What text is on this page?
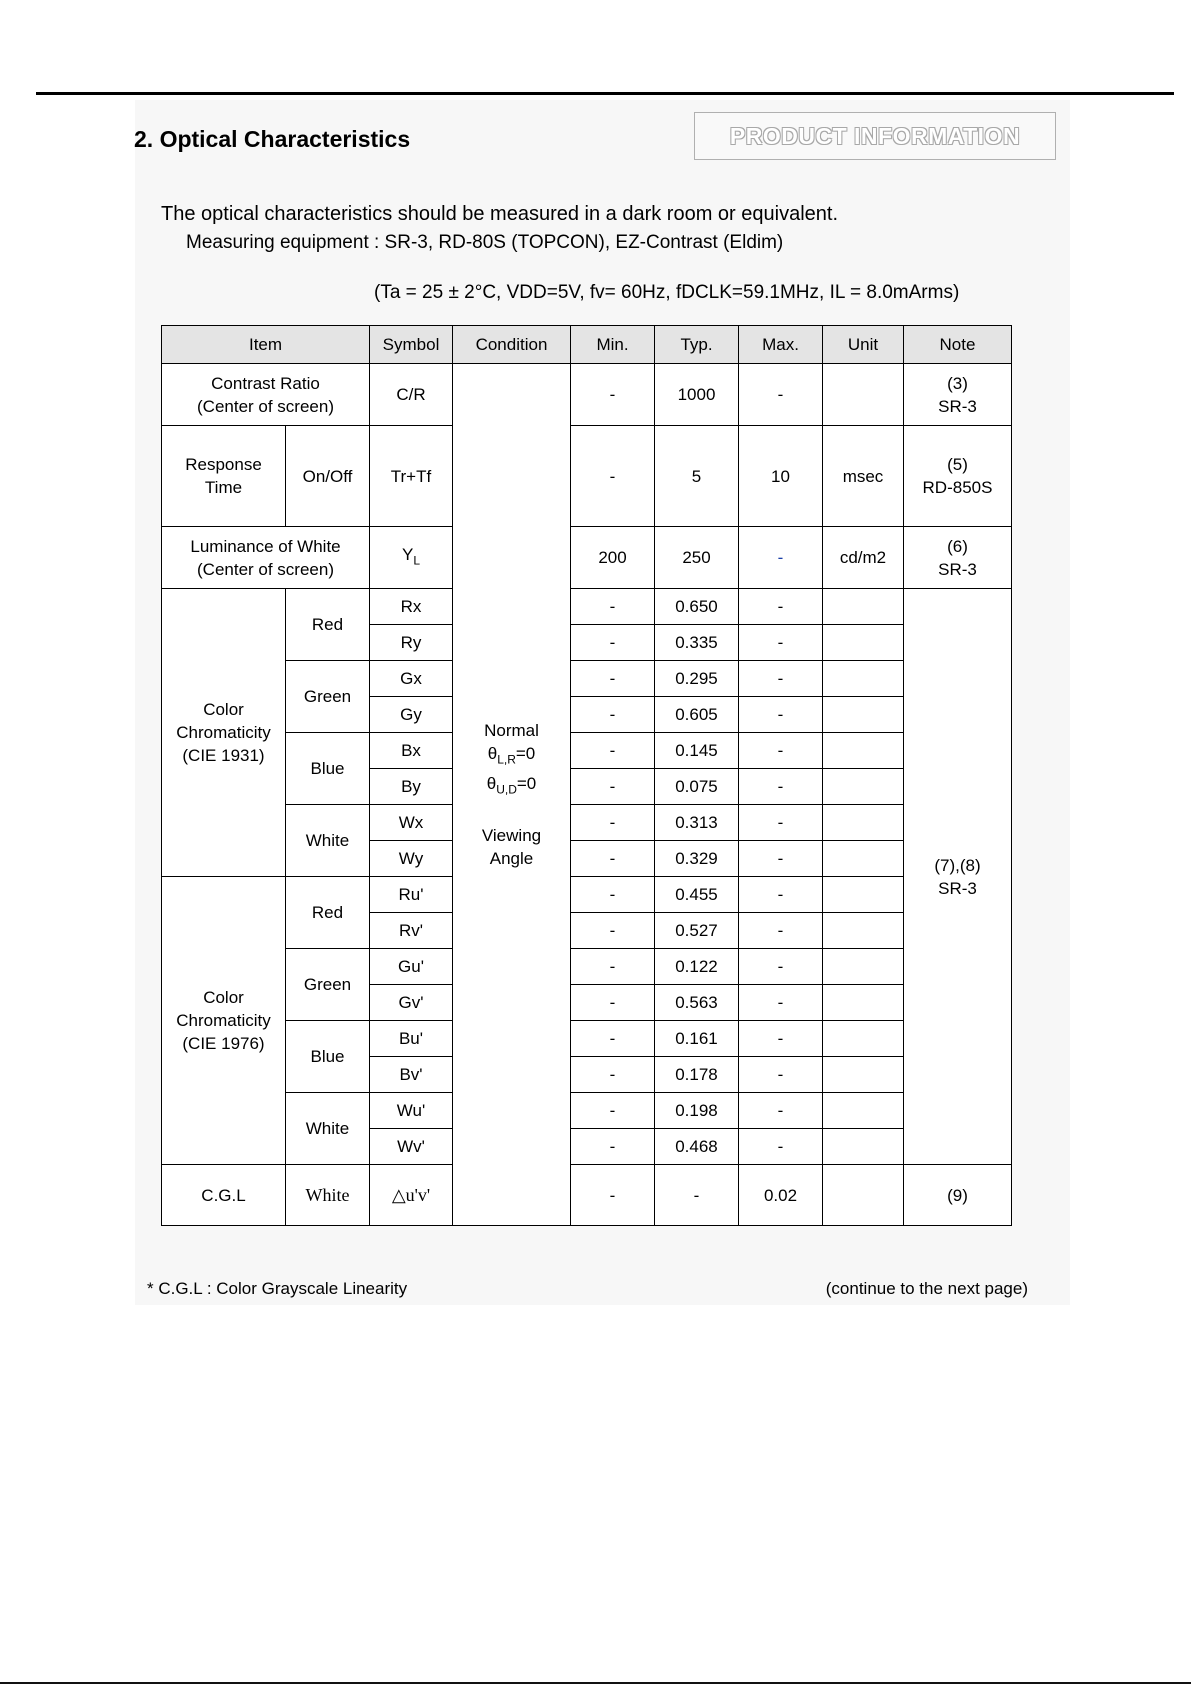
2. Optical Characteristics	PRODUCT INFORMATION
The optical characteristics should be measured in a dark room or equivalent.
Measuring equipment : SR-3, RD-80S (TOPCON), EZ-Contrast (Eldim)
(Ta = 25 ± 2°C, VDD=5V, fv= 60Hz, fDCLK=59.1MHz, IL = 8.0mArms)
Item		Symbol	Condition	Min.	Typ.	Max.	Unit	Note
Contrast Ratio
(Center of screen)		C/R	Normal
$\theta_{L,R}=0$
$\theta_{U,D}=0$

Viewing
Angle	-	1000	-		(3)
SR-3
Response
Time	On/Off	Tr+Tf		-	5	10	msec	(5)
RD-850S
Luminance of White
(Center of screen)		$Y_L$		200	250	-	cd/m2	(6)
SR-3
Color
Chromaticity
(CIE 1931)	Red	Rx		-	0.650	-		(7),(8)
SR-3
		Ry		-	0.335	-		
	Green	Gx		-	0.295	-		
		Gy		-	0.605	-		
	Blue	Bx		-	0.145	-		
		By		-	0.075	-		
	White	Wx		-	0.313	-		
		Wy		-	0.329	-		
Color
Chromaticity
(CIE 1976)	Red	Ru'		-	0.455	-		
		Rv'		-	0.527	-		
	Green	Gu'		-	0.122	-		
		Gv'		-	0.563	-		
	Blue	Bu'		-	0.161	-		
		Bv'		-	0.178	-		
	White	Wu'		-	0.198	-		
		Wv'		-	0.468	-		
C.G.L	White	△u'v'		-	-	0.02		(9)
* C.G.L : Color Grayscale Linearity	(continue to the next page)
